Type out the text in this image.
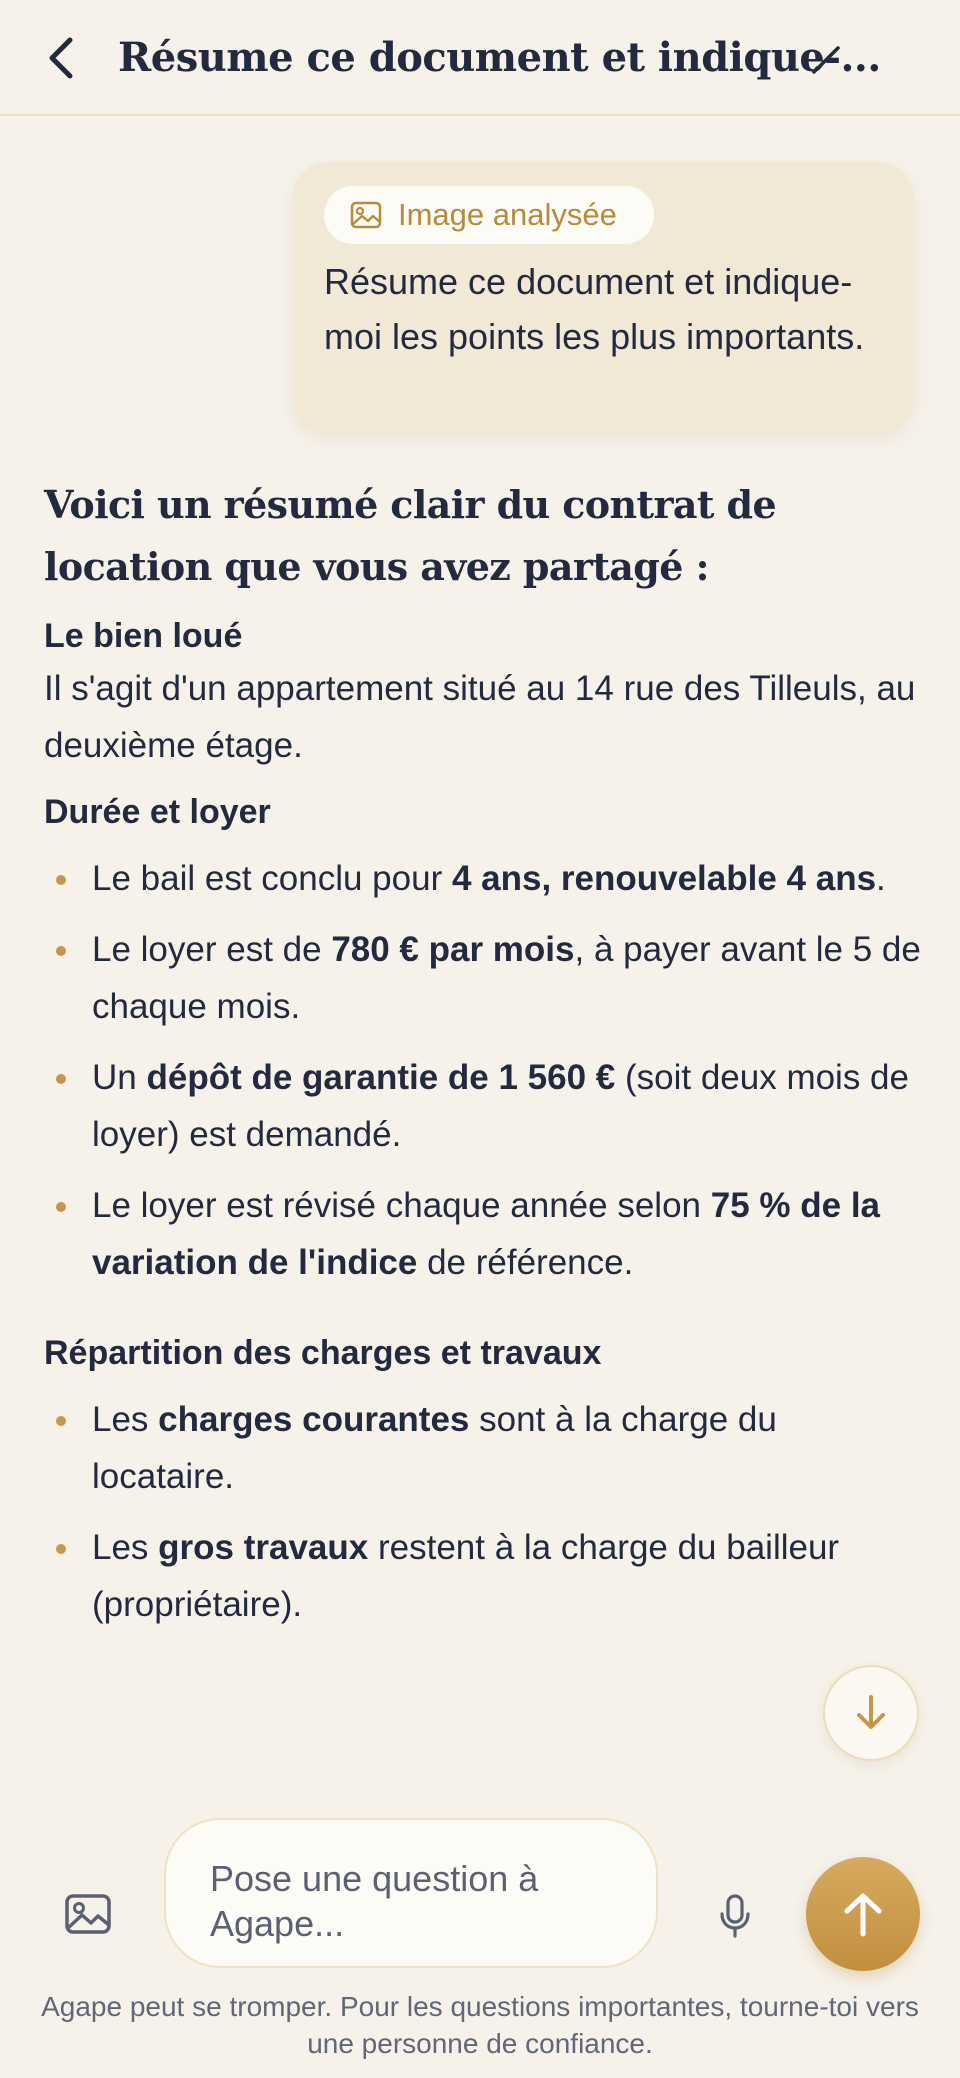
Résume ce document et indique-...
Image analysée
Résume ce document et indique-moi les points les plus importants.
Voici un résumé clair du contrat de location que vous avez partagé :
Le bien loué
Il s'agit d'un appartement situé au 14 rue des Tilleuls, au deuxième étage.
Durée et loyer
Le bail est conclu pour 4 ans, renouvelable 4 ans.
Le loyer est de 780 € par mois, à payer avant le 5 de chaque mois.
Un dépôt de garantie de 1 560 € (soit deux mois de loyer) est demandé.
Le loyer est révisé chaque année selon 75 % de la variation de l'indice de référence.
Répartition des charges et travaux
Les charges courantes sont à la charge du locataire.
Les gros travaux restent à la charge du bailleur (propriétaire).
Pose une question à Agape...
Agape peut se tromper. Pour les questions importantes, tourne-toi vers une personne de confiance.
